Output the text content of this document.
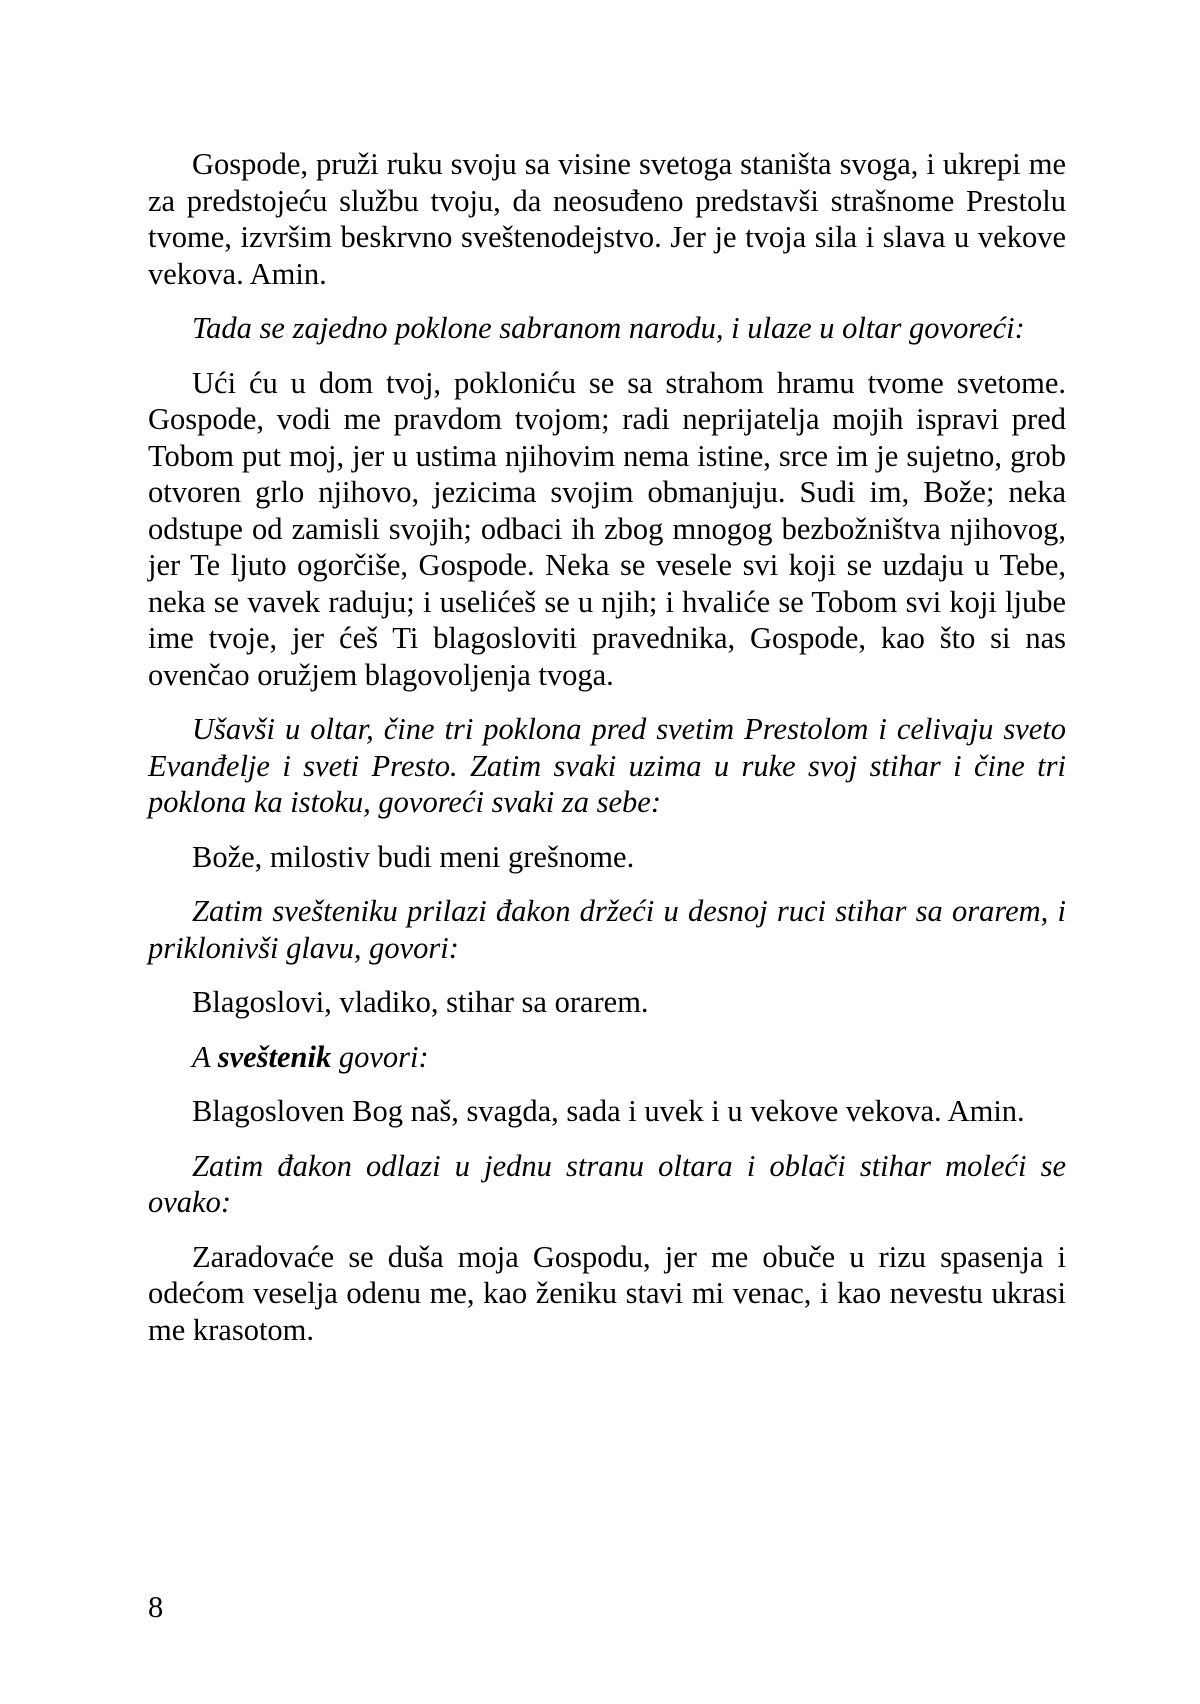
Gospode, pruži ruku svoju sa visine svetoga staništa svoga, i ukrepi me za predstojeću službu tvoju, da neosuđeno predstavši strašnome Prestolu tvome, izvršim beskrvno sveštenodejstvo. Jer je tvoja sila i slava u vekove vekova. Amin.

Tada se zajedno poklone sabranom narodu, i ulaze u oltar govoreći:

Ući ću u dom tvoj, pokloniću se sa strahom hramu tvome svetome. Gospode, vodi me pravdom tvojom; radi neprijatelja mojih ispravi pred Tobom put moj, jer u ustima njihovim nema istine, srce im je sujetno, grob otvoren grlo njihovo, jezicima svojim obmanjuju. Sudi im, Bože; neka odstupe od zamisli svojih; odbaci ih zbog mnogog bezbožništva njihovog, jer Te ljuto ogorčiše, Gospode. Neka se vesele svi koji se uzdaju u Tebe, neka se vavek raduju; i uselićeš se u njih; i hvaliće se Tobom svi koji ljube ime tvoje, jer ćeš Ti blagosloviti pravednika, Gospode, kao što si nas ovenčao oružjem blagovoljenja tvoga.

Ušavši u oltar, čine tri poklona pred svetim Prestolom i celivaju sveto Evanđelje i sveti Presto. Zatim svaki uzima u ruke svoj stihar i čine tri poklona ka istoku, govoreći svaki za sebe:

Bože, milostiv budi meni grešnome.

Zatim svešteniku prilazi đakon držeći u desnoj ruci stihar sa orarem, i priklonivši glavu, govori:

Blagoslovi, vladiko, stihar sa orarem.

A sveštenik govori:

Blagosloven Bog naš, svagda, sada i uvek i u vekove vekova. Amin.

Zatim đakon odlazi u jednu stranu oltara i oblači stihar moleći se ovako:

Zaradovaće se duša moja Gospodu, jer me obuče u rizu spasenja i odećom veselja odenu me, kao ženiku stavi mi venac, i kao nevestu ukrasi me krasotom.

8
